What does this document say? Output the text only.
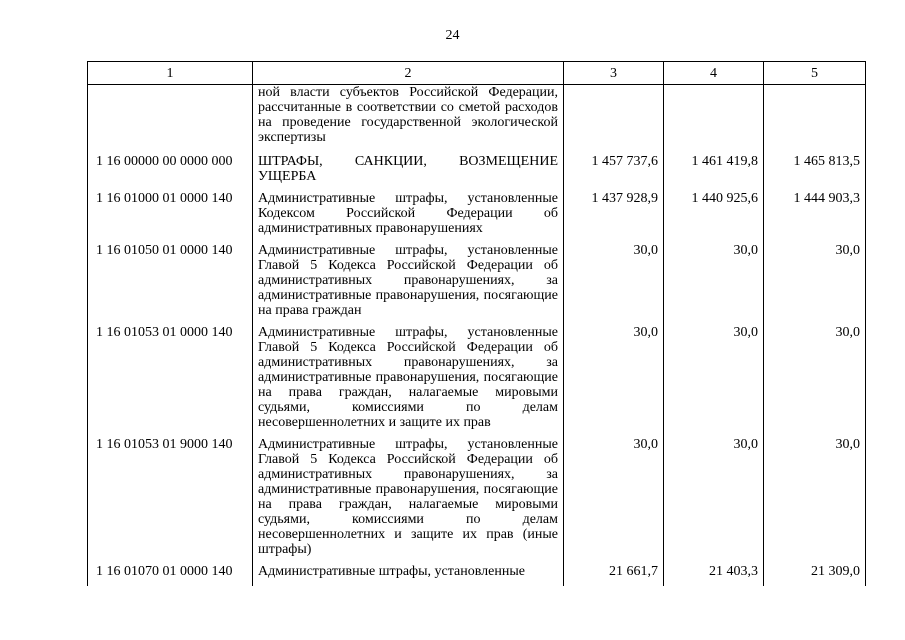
24
1	2	3	4	5
	ной власти субъектов Российской Федерации, рассчитанные в соответствии со сметой расходов на проведение государственной экологической экспертизы			
1 16 00000 00 0000 000	ШТРАФЫ, САНКЦИИ, ВОЗМЕЩЕНИЕ УЩЕРБА	1 457 737,6	1 461 419,8	1 465 813,5
1 16 01000 01 0000 140	Административные штрафы, установленные Кодексом Российской Федерации об административных правонарушениях	1 437 928,9	1 440 925,6	1 444 903,3
1 16 01050 01 0000 140	Административные штрафы, установленные Главой 5 Кодекса Российской Федерации об административных правонарушениях, за административные правонарушения, посягающие на права граждан	30,0	30,0	30,0
1 16 01053 01 0000 140	Административные штрафы, установленные Главой 5 Кодекса Российской Федерации об административных правонарушениях, за административные правонарушения, посягающие на права граждан, налагаемые мировыми судьями, комиссиями по делам несовершеннолетних и защите их прав	30,0	30,0	30,0
1 16 01053 01 9000 140	Административные штрафы, установленные Главой 5 Кодекса Российской Федерации об административных правонарушениях, за административные правонарушения, посягающие на права граждан, налагаемые мировыми судьями, комиссиями по делам несовершеннолетних и защите их прав (иные штрафы)	30,0	30,0	30,0
1 16 01070 01 0000 140	Административные штрафы, установленные	21 661,7	21 403,3	21 309,0
